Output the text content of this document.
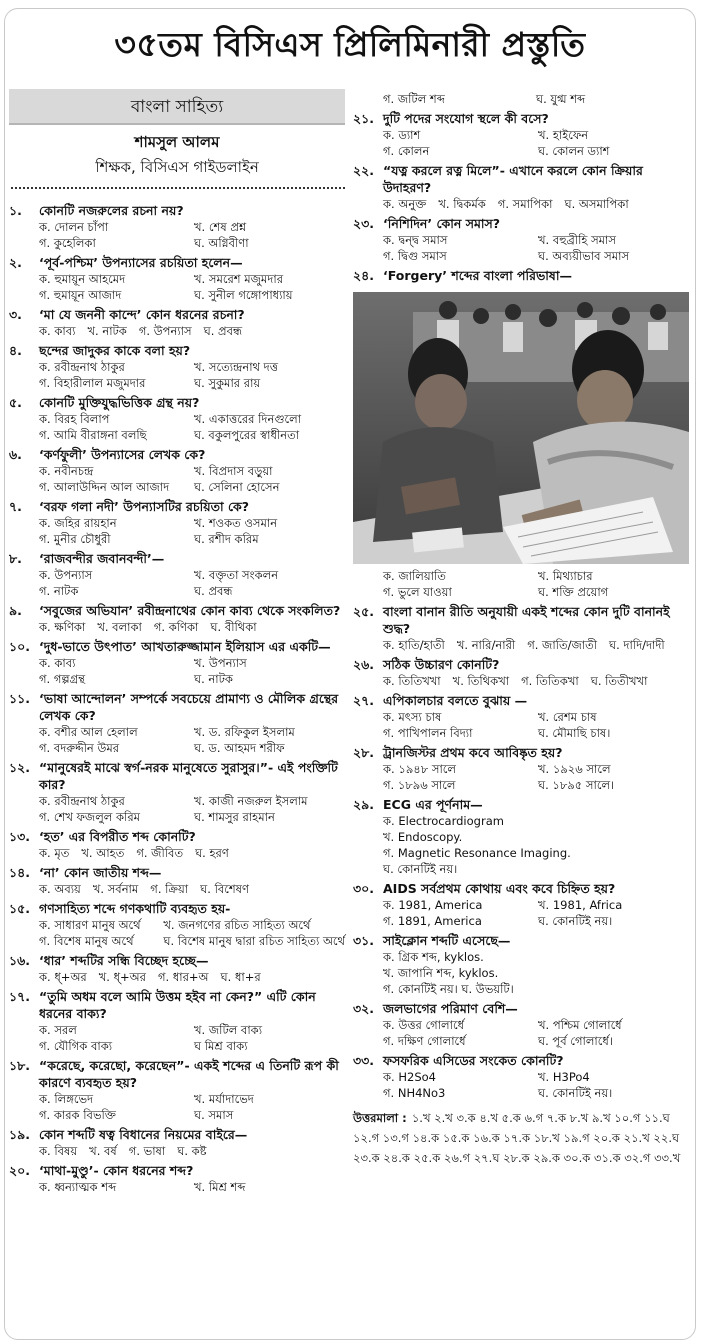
৩৫তম বিসিএস প্রিলিমিনারী প্রস্তুতি
বাংলা সাহিত্য
শামসুল আলম
শিক্ষক, বিসিএস গাইডলাইন
১.	কোনটি নজরুলের রচনা নয়?
ক. দোলন চাঁপা	খ. শেষ প্রশ্ন
গ. কুহেলিকা	ঘ. অগ্নিবীণা
২.	‘পূর্ব-পশ্চিম’ উপন্যাসের রচয়িতা হলেন—
ক. হুমায়ূন আহমেদ	খ. সমরেশ মজুমদার
গ. হুমায়ূন আজাদ	ঘ. সুনীল গঙ্গোপাধ্যায়
৩.	‘মা যে জননী কান্দে’ কোন ধরনের রচনা?
ক. কাব্য খ. নাটক গ. উপন্যাস ঘ. প্রবন্ধ
৪.	ছন্দের জাদুকর কাকে বলা হয়?
ক. রবীন্দ্রনাথ ঠাকুর	খ. সত্যেন্দ্রনাথ দত্ত
গ. বিহারীলাল মজুমদার	ঘ. সুকুমার রায়
৫.	কোনটি মুক্তিযুদ্ধভিত্তিক গ্রন্থ নয়?
ক. বিরহ বিলাপ	খ. একাত্তরের দিনগুলো
গ. আমি বীরাঙ্গনা বলছি	ঘ. বকুলপুরের স্বাধীনতা
৬.	‘কর্ণফুলী’ উপন্যাসের লেখক কে?
ক. নবীনচন্দ্র	খ. বিপ্রদাস বড়ুয়া
গ. আলাউদ্দিন আল আজাদ	ঘ. সেলিনা হোসেন
৭.	‘বরফ গলা নদী’ উপন্যাসটির রচয়িতা কে?
ক. জহির রায়হান	খ. শওকত ওসমান
গ. মুনীর চৌধুরী	ঘ. রশীদ করিম
৮.	‘রাজবন্দীর জবানবন্দী’—
ক. উপন্যাস	খ. বক্তৃতা সংকলন
গ. নাটক	ঘ. প্রবন্ধ
৯.	‘সবুজের অভিযান’ রবীন্দ্রনাথের কোন কাব্য থেকে সংকলিত?
ক. ক্ষণিকা খ. বলাকা গ. কণিকা ঘ. বীথিকা
১০. ‘দুধ-ভাতে উৎপাত’ আখতারুজ্জামান ইলিয়াস এর একটি—
ক. কাব্য	খ. উপন্যাস
গ. গল্পগ্রন্থ	ঘ. নাটক
১১. ‘ভাষা আন্দোলন’ সম্পর্কে সবচেয়ে প্রামাণ্য ও মৌলিক গ্রন্থের লেখক কে?
ক. বশীর আল হেলাল	খ. ড. রফিকুল ইসলাম
গ. বদরুদ্দীন উমর	ঘ. ড. আহমদ শরীফ
১২. “মানুষেরই মাঝে স্বর্গ-নরক মানুষেতে সুরাসুর।”- এই পংক্তিটি কার?
ক. রবীন্দ্রনাথ ঠাকুর	খ. কাজী নজরুল ইসলাম
গ. শেখ ফজলুল করিম	ঘ. শামসুর রাহমান
১৩. ‘হত’ এর বিপরীত শব্দ কোনটি?
ক. মৃত খ. আহত গ. জীবিত ঘ. হরণ
১৪. ‘না’ কোন জাতীয় শব্দ—
ক. অব্যয় খ. সর্বনাম গ. ক্রিয়া ঘ. বিশেষণ
১৫. গণসাহিত্য শব্দে গণকথাটি ব্যবহৃত হয়-
ক. সাধারণ মানুষ অর্থে	খ. জনগণের রচিত সাহিত্য অর্থে
গ. বিশেষ মানুষ অর্থে	ঘ. বিশেষ মানুষ দ্বারা রচিত সাহিত্য অর্থে
১৬. ‘ধার’ শব্দটির সন্ধি বিচ্ছেদ হচ্ছে—
ক. ধ্+অর খ. ধ্+অর গ. ধার+অ ঘ. ধা+র
১৭. “তুমি অধম বলে আমি উত্তম হইব না কেন?” এটি কোন ধরনের বাক্য?
ক. সরল	খ. জটিল বাক্য
গ. যৌগিক বাক্য	ঘ মিশ্র বাক্য
১৮. “করেছে, করেছো, করেছেন”- একই শব্দের এ তিনটি রূপ কী কারণে ব্যবহৃত হয়?
ক. লিঙ্গভেদ	খ. মর্যাদাভেদ
গ. কারক বিভক্তি	ঘ. সমাস
১৯. কোন শব্দটি ষত্ব বিধানের নিয়মের বাইরে—
ক. বিষয় খ. বর্ষ গ. ভাষা ঘ. কষ্ট
২০. ‘মাথা-মুণ্ডু’- কোন ধরনের শব্দ?
ক. ধ্বন্যাত্মক শব্দ	খ. মিশ্র শব্দ
গ. জটিল শব্দ	ঘ. যুগ্ম শব্দ
২১. দুটি পদের সংযোগ স্থলে কী বসে?
ক. ড্যাশ	খ. হাইফেন
গ. কোলন	ঘ. কোলন ড্যাশ
২২. “যত্ন করলে রত্ন মিলে”- এখানে করলে কোন ক্রিয়ার উদাহরণ?
ক. অনুক্ত খ. দ্বিকর্মক গ. সমাপিকা ঘ. অসমাপিকা
২৩. ‘নিশিদিন’ কোন সমাস?
ক. দ্বন্দ্ব সমাস	খ. বহুব্রীহি সমাস
গ. দ্বিগু সমাস	ঘ. অব্যয়ীভাব সমাস
২৪. ‘Forgery’ শব্দের বাংলা পরিভাষা—
ক. জালিয়াতি	খ. মিথ্যাচার
গ. ভুলে যাওয়া	ঘ. শক্তি প্রয়োগ
২৫. বাংলা বানান রীতি অনুযায়ী একই শব্দের কোন দুটি বানানই শুদ্ধ?
ক. হাতি/হাতী খ. নারি/নারী গ. জাতি/জাতী ঘ. দাদি/দাদী
২৬. সঠিক উচ্চারণ কোনটি?
ক. তিতিখখা খ. তিথিকখা গ. তিতিকখা ঘ. তিতীখখা
২৭. এপিকালচার বলতে বুঝায় —
ক. মৎস্য চাষ	খ. রেশম চাষ
গ. পাখিপালন বিদ্যা	ঘ. মৌমাছি চাষ।
২৮. ট্রানজিস্টর প্রথম কবে আবিষ্কৃত হয়?
ক. ১৯৪৮ সালে	খ. ১৯২৬ সালে
গ. ১৮৯৬ সালে	ঘ. ১৮৯৫ সালে।
২৯. ECG এর পূর্ণনাম—
ক. Electrocardiogram
খ. Endoscopy.
গ. Magnetic Resonance Imaging.
ঘ. কোনটিই নয়।
৩০. AIDS সর্বপ্রথম কোথায় এবং কবে চিহ্নিত হয়?
ক. 1981, America	খ. 1981, Africa
গ. 1891, America	ঘ. কোনটিই নয়।
৩১. সাইক্লোন শব্দটি এসেছে—
ক. গ্রিক শব্দ, kyklos.
খ. জাপানি শব্দ, kyklos.
গ. কোনটিই নয়। ঘ. উভয়টি।
৩২. জলভাগের পরিমাণ বেশি—
ক. উত্তর গোলার্ধে	খ. পশ্চিম গোলার্ধে
গ. দক্ষিণ গোলার্ধে	ঘ. পূর্ব গোলার্ধে।
৩৩. ফসফরিক এসিডের সংকেত কোনটি?
ক. H2So4	খ. H3Po4
গ. NH4No3	ঘ. কোনটিই নয়।
উত্তরমালা : ১.খ ২.খ ৩.ক ৪.খ ৫.ক ৬.গ ৭.ক ৮.খ ৯.খ ১০.গ ১১.ঘ ১২.গ ১৩.গ ১৪.ক ১৫.ক ১৬.ক ১৭.ক ১৮.খ ১৯.গ ২০.ক ২১.খ ২২.ঘ ২৩.ক ২৪.ক ২৫.ক ২৬.গ ২৭.ঘ ২৮.ক ২৯.ক ৩০.ক ৩১.ক ৩২.গ ৩৩.খ
